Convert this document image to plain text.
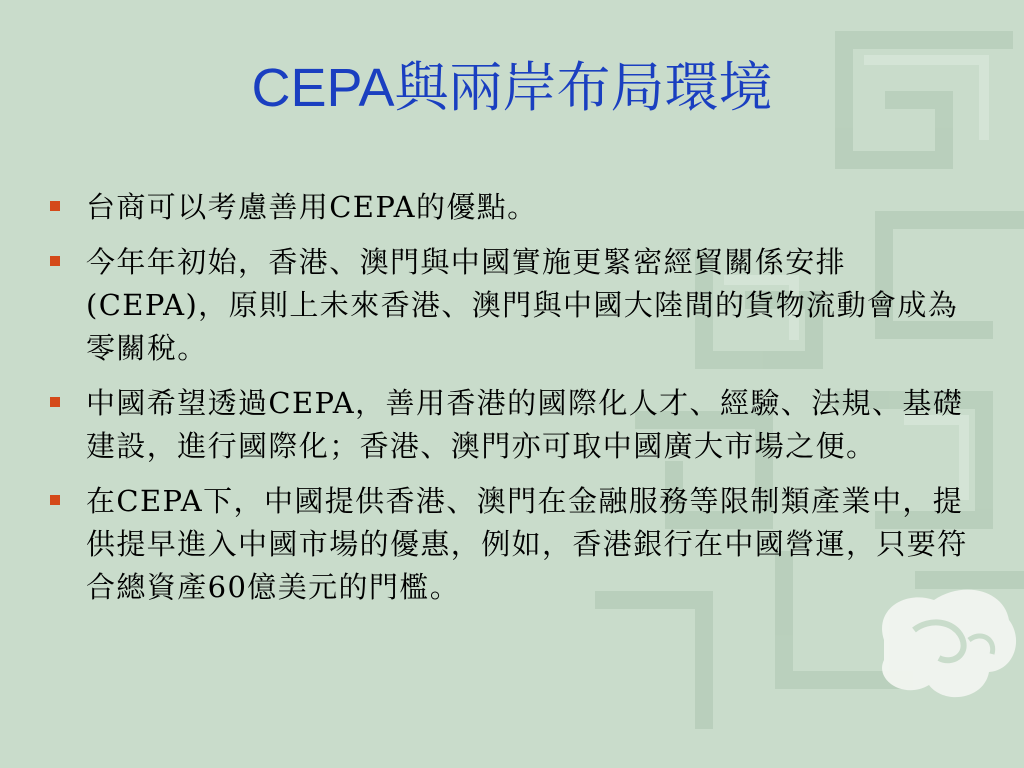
CEPA與兩岸布局環境
台商可以考慮善用CEPA的優點。
今年年初始，香港、澳門與中國實施更緊密經貿關係安排(CEPA)，原則上未來香港、澳門與中國大陸間的貨物流動會成為零關稅。
中國希望透過CEPA，善用香港的國際化人才、經驗、法規、基礎建設，進行國際化；香港、澳門亦可取中國廣大市場之便。
在CEPA下，中國提供香港、澳門在金融服務等限制類產業中，提供提早進入中國市場的優惠，例如，香港銀行在中國營運，只要符合總資產60億美元的門檻。
